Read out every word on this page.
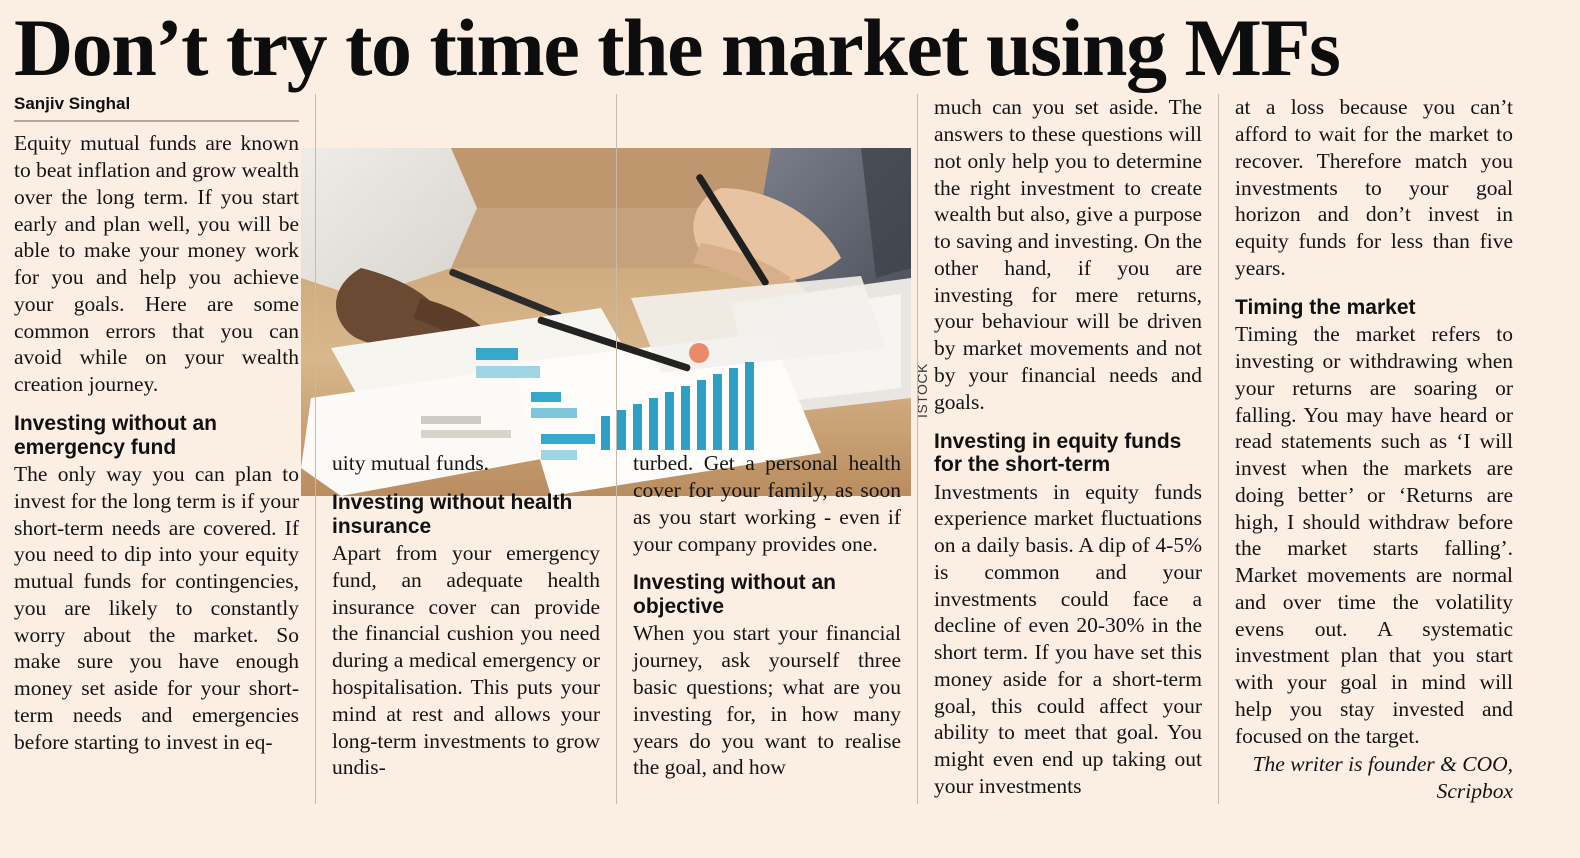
Don’t try to time the market using MFs
ISTOCK
Sanjiv Singhal

Equity mutual funds are known to beat inflation and grow wealth over the long term. If you start early and plan well, you will be able to make your money work for you and help you achieve your goals. Here are some common errors that you can avoid while on your wealth creation journey.

Investing without an emergency fund

The only way you can plan to invest for the long term is if your short-term needs are covered. If you need to dip into your equity mutual funds for contingencies, you are likely to constantly worry about the market. So make sure you have enough money set aside for your short-term needs and emergencies before starting to invest in eq-

uity mutual funds.

Investing without health insurance

Apart from your emergency fund, an adequate health insurance cover can provide the financial cushion you need during a medical emergency or hospitalisation. This puts your mind at rest and allows your long-term investments to grow undis-

turbed. Get a personal health cover for your family, as soon as you start working - even if your company provides one.

Investing without an objective

When you start your financial journey, ask yourself three basic questions; what are you investing for, in how many years do you want to realise the goal, and how

much can you set aside. The answers to these questions will not only help you to determine the right investment to create wealth but also, give a purpose to saving and investing. On the other hand, if you are investing for mere returns, your behaviour will be driven by market movements and not by your financial needs and goals.

Investing in equity funds for the short-term

Investments in equity funds experience market fluctuations on a daily basis. A dip of 4-5% is common and your investments could face a decline of even 20-30% in the short term. If you have set this money aside for a short-term goal, this could affect your ability to meet that goal. You might even end up taking out your investments

at a loss because you can’t afford to wait for the market to recover. Therefore match you investments to your goal horizon and don’t invest in equity funds for less than five years.

Timing the market

Timing the market refers to investing or withdrawing when your returns are soaring or falling. You may have heard or read statements such as ‘I will invest when the markets are doing better’ or ‘Returns are high, I should withdraw before the market starts falling’. Market movements are normal and over time the volatility evens out. A systematic investment plan that you start with your goal in mind will help you stay invested and focused on the target.

The writer is founder & COO, Scripbox
